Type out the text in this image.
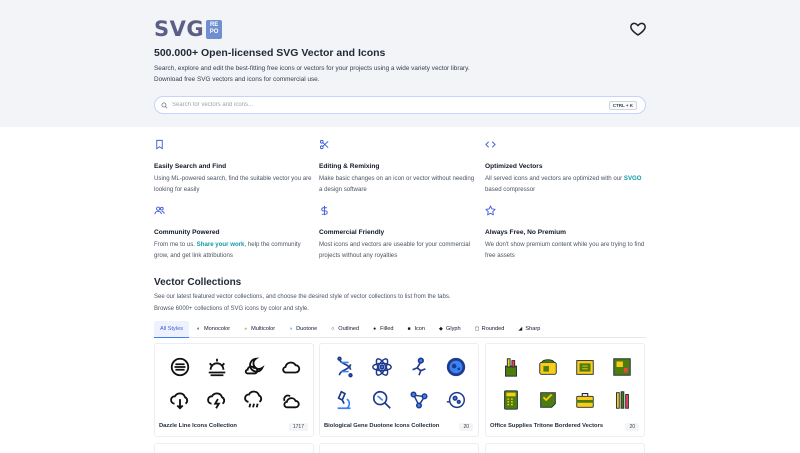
SVG RE
PO
500.000+ Open-licensed SVG Vector and Icons
Search, explore and edit the best-fitting free icons or vectors for your projects using a wide variety vector library.
Download free SVG vectors and icons for commercial use.
Search for vectors and icons...
CTRL + K
Easily Search and Find

Using ML-powered search, find the suitable vector you are looking for easily

Editing & Remixing

Make basic changes on an icon or vector without needing a design software

Optimized Vectors

All served icons and vectors are optimized with our SVGO based compressor

Community Powered

From me to us. Share your work, help the community grow, and get link attributions

Commercial Friendly

Most icons and vectors are useable for your commercial projects without any royalties

Always Free, No Premium

We don't show premium content while you are trying to find free assets

Vector Collections
See our latest featured vector collections, and choose the desired style of vector collections to list from the tabs.
Browse 6000+ collections of SVG icons by color and style.
All Styles	◐ Monocolor	◕ Multicolor	◑ Duotone	○ Outlined	● Filled	■ Icon	◆ Glyph	▢ Rounded	◢ Sharp
Dazzle Line Icons Collection	1717	Biological Gene Duotone Icons Collection	20	Office Supplies Tritone Bordered Vectors	20
